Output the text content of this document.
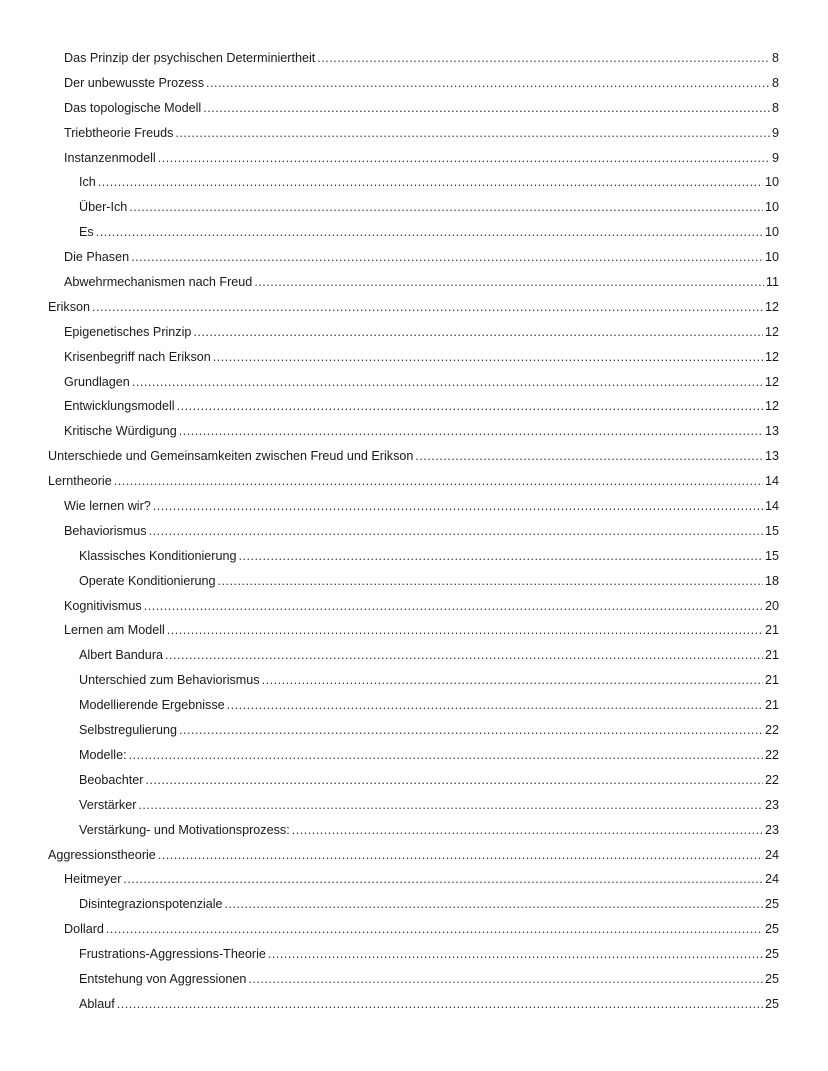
Das Prinzip der psychischen Determiniertheit .....	8
Der unbewusste Prozess .....	8
Das topologische Modell .....	8
Triebtheorie Freuds .....	9
Instanzenmodell .....	9
Ich .....	10
Über-Ich .....	10
Es .....	10
Die Phasen .....	10
Abwehrmechanismen nach Freud .....	11
Erikson .....	12
Epigenetisches Prinzip .....	12
Krisenbegriff nach Erikson .....	12
Grundlagen .....	12
Entwicklungsmodell .....	12
Kritische Würdigung .....	13
Unterschiede und Gemeinsamkeiten zwischen Freud und Erikson .....	13
Lerntheorie .....	14
Wie lernen wir? .....	14
Behaviorismus .....	15
Klassisches Konditionierung .....	15
Operate Konditionierung .....	18
Kognitivismus .....	20
Lernen am Modell .....	21
Albert Bandura .....	21
Unterschied zum Behaviorismus .....	21
Modellierende Ergebnisse .....	21
Selbstregulierung .....	22
Modelle: .....	22
Beobachter .....	22
Verstärker .....	23
Verstärkung- und Motivationsprozess: .....	23
Aggressionstheorie .....	24
Heitmeyer .....	24
Disintegrazionspotenziale .....	25
Dollard .....	25
Frustrations-Aggressions-Theorie .....	25
Entstehung von Aggressionen .....	25
Ablauf .....	25
